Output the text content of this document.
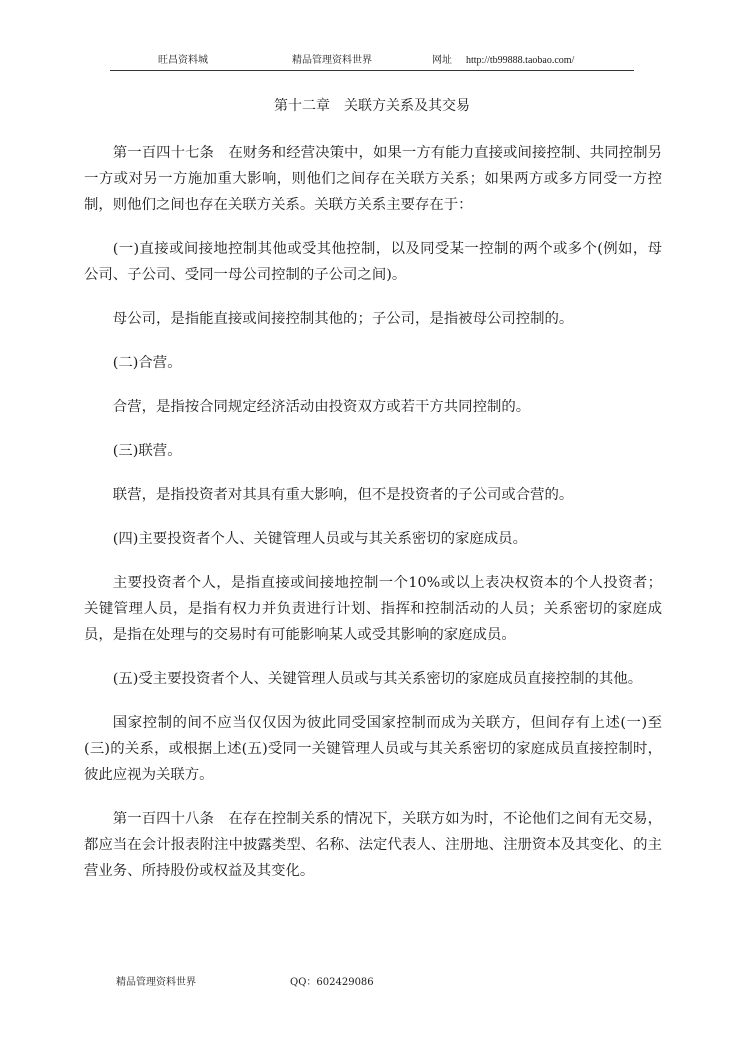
旺昌资料城	精品管理资料世界	网址 http://tb99888.taobao.com/
第十二章　关联方关系及其交易

第一百四十七条　在财务和经营决策中，如果一方有能力直接或间接控制、共同控制另一方或对另一方施加重大影响，则他们之间存在关联方关系；如果两方或多方同受一方控制，则他们之间也存在关联方关系。关联方关系主要存在于：

(一)直接或间接地控制其他或受其他控制，以及同受某一控制的两个或多个(例如，母公司、子公司、受同一母公司控制的子公司之间)。

母公司，是指能直接或间接控制其他的；子公司，是指被母公司控制的。

(二)合营。

合营，是指按合同规定经济活动由投资双方或若干方共同控制的。

(三)联营。

联营，是指投资者对其具有重大影响，但不是投资者的子公司或合营的。

(四)主要投资者个人、关键管理人员或与其关系密切的家庭成员。

主要投资者个人，是指直接或间接地控制一个10%或以上表决权资本的个人投资者；关键管理人员，是指有权力并负责进行计划、指挥和控制活动的人员；关系密切的家庭成员，是指在处理与的交易时有可能影响某人或受其影响的家庭成员。

(五)受主要投资者个人、关键管理人员或与其关系密切的家庭成员直接控制的其他。

国家控制的间不应当仅仅因为彼此同受国家控制而成为关联方，但间存有上述(一)至(三)的关系，或根据上述(五)受同一关键管理人员或与其关系密切的家庭成员直接控制时，彼此应视为关联方。

第一百四十八条　在存在控制关系的情况下，关联方如为时，不论他们之间有无交易，都应当在会计报表附注中披露类型、名称、法定代表人、注册地、注册资本及其变化、的主营业务、所持股份或权益及其变化。

精品管理资料世界	QQ：602429086
